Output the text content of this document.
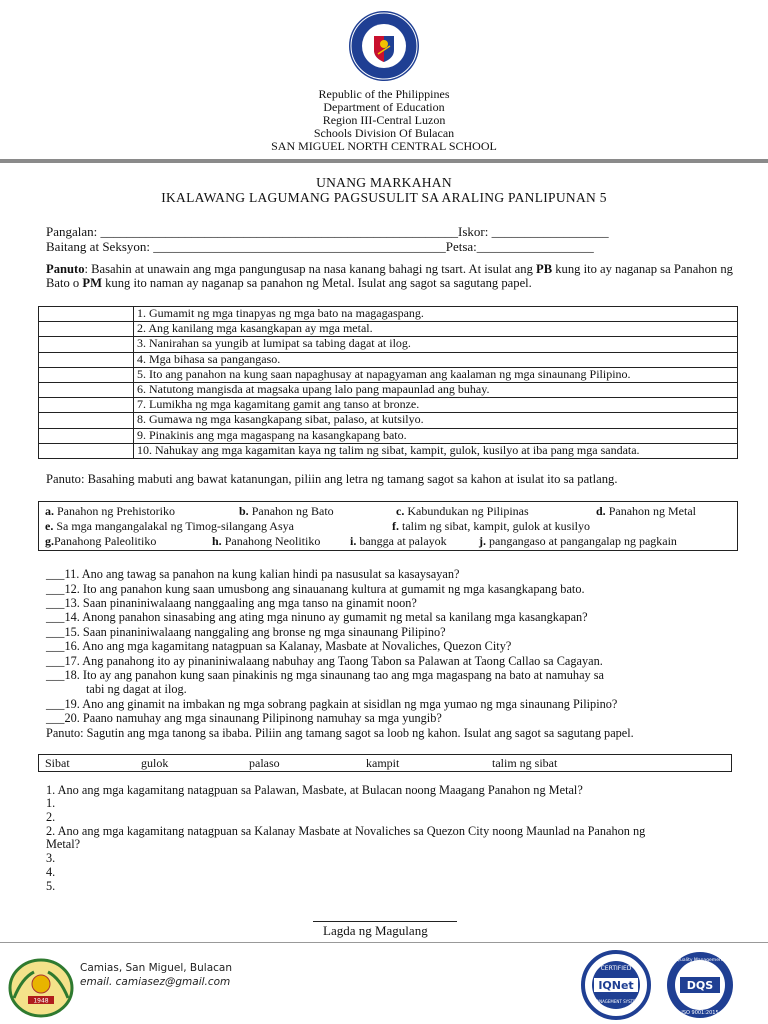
Republic of the Philippines
Department of Education
Region III-Central Luzon
Schools Division Of Bulacan
SAN MIGUEL NORTH CENTRAL SCHOOL
UNANG MARKAHAN
IKALAWANG LAGUMANG PAGSUSULIT SA ARALING PANLIPUNAN 5
Pangalan: _______________________________________________________Iskor: __________________
Baitang at Seksyon: _____________________________________________Petsa:__________________
Panuto: Basahin at unawain ang mga pangungusap na nasa kanang bahagi ng tsart. At isulat ang PB kung ito ay naganap sa Panahon ng Bato o PM kung ito naman ay naganap sa panahon ng Metal. Isulat ang sagot sa sagutang papel.
	1. Gumamit ng mga tinapyas ng mga bato na magagaspang.
	2. Ang kanilang mga kasangkapan ay mga metal.
	3. Nanirahan sa yungib at lumipat sa tabing dagat at ilog.
	4. Mga bihasa sa pangangaso.
	5. Ito ang panahon na kung saan napaghusay at napagyaman ang kaalaman ng mga sinaunang Pilipino.
	6. Natutong mangisda at magsaka upang lalo pang mapaunlad ang buhay.
	7. Lumikha ng mga kagamitang gamit ang tanso at bronze.
	8. Gumawa ng mga kasangkapang sibat, palaso, at kutsilyo.
	9. Pinakinis ang mga magaspang na kasangkapang bato.
	10. Nahukay ang mga kagamitan kaya ng talim ng sibat, kampit, gulok, kusilyo at iba pang mga sandata.
Panuto: Basahing mabuti ang bawat katanungan, piliin ang letra ng tamang sagot sa kahon at isulat ito sa patlang.
a. Panahon ng Prehistoriko	b. Panahon ng Bato	c. Kabundukan ng Pilipinas	d. Panahon ng Metal
e. Sa mga mangangalakal ng Timog-silangang Asya	f. talim ng sibat, kampit, gulok at kusilyo
g.Panahong Paleolitiko	h. Panahong Neolitiko i. bangga at palayok	j. pangangaso at pangangalap ng pagkain
___11. Ano ang tawag sa panahon na kung kalian hindi pa nasusulat sa kasaysayan?
___12. Ito ang panahon kung saan umusbong ang sinauanang kultura at gumamit ng mga kasangkapang bato.
___13. Saan pinaniniwalaang nanggaaling ang mga tanso na ginamit noon?
___14. Anong panahon sinasabing ang ating mga ninuno ay gumamit ng metal sa kanilang mga kasangkapan?
___15. Saan pinaniniwalaang nanggaling ang bronse ng mga sinaunang Pilipino?
___16. Ano ang mga kagamitang natagpuan sa Kalanay, Masbate at Novaliches, Quezon City?
___17. Ang panahong ito ay pinaniniwalaang nabuhay ang Taong Tabon sa Palawan at Taong Callao sa Cagayan.
___18. Ito ay ang panahon kung saan pinakinis ng mga sinaunang tao ang mga magaspang na bato at namuhay sa
tabi ng dagat at ilog.
___19. Ano ang ginamit na imbakan ng mga sobrang pagkain at sisidlan ng mga yumao ng mga sinaunang Pilipino?
___20. Paano namuhay ang mga sinaunang Pilipinong namuhay sa mga yungib?
Panuto: Sagutin ang mga tanong sa ibaba. Piliin ang tamang sagot sa loob ng kahon. Isulat ang sagot sa sagutang papel.
Sibat	gulok	palaso	kampit	talim ng sibat
1. Ano ang mga kagamitang natagpuan sa Palawan, Masbate, at Bulacan noong Maagang Panahon ng Metal?
1.
2.
2. Ano ang mga kagamitang natagpuan sa Kalanay Masbate at Novaliches sa Quezon City noong Maunlad na Panahon ng
Metal?
3.
4.
5.
Lagda ng Magulang
1948
Camias, San Miguel, Bulacan
email. camiasez@gmail.com	IQNet
CERTIFIED
MANAGEMENT SYSTEM
DQS
Quality Management
ISO 9001:2015
